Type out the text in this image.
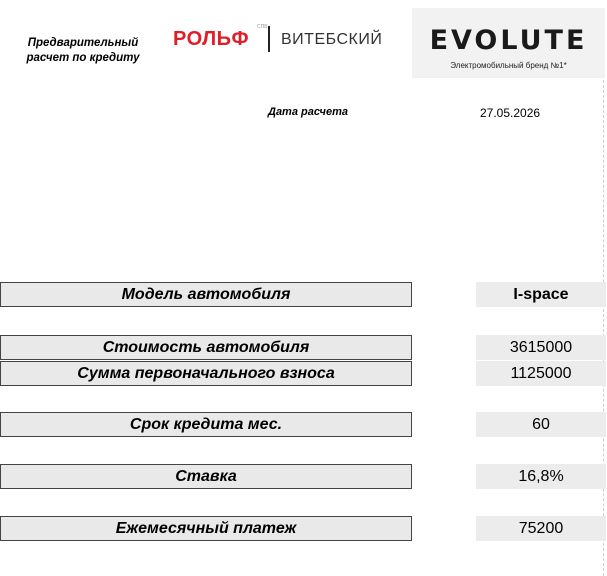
Предварительный расчет по кредиту
РОЛЬФ
СПБ
ВИТЕБСКИЙ	EVOLUTE
Электромобильный бренд №1*
Дата расчета	27.05.2026
Модель автомобиля	I-space
Стоимость автомобиля	3615000
Сумма первоначального взноса	1125000
Срок кредита мес.	60
Ставка	16,8%
Ежемесячный платеж	75200
